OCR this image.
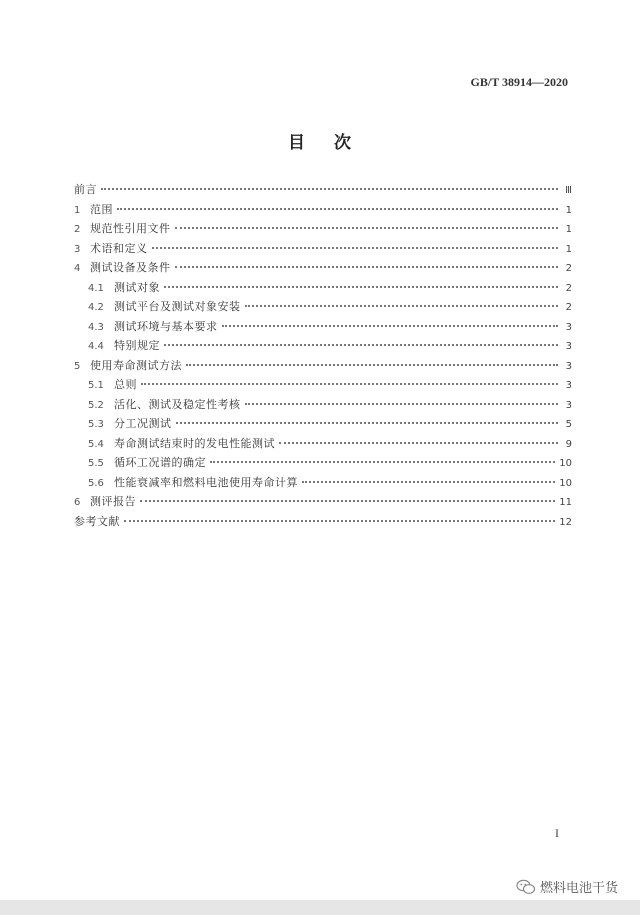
GB/T 38914—2020
目 次
前言	Ⅲ
1 范围	1
2 规范性引用文件	1
3 术语和定义	1
4 测试设备及条件	2
4.1 测试对象	2
4.2 测试平台及测试对象安装	2
4.3 测试环境与基本要求	3
4.4 特别规定	3
5 使用寿命测试方法	3
5.1 总则	3
5.2 活化、测试及稳定性考核	3
5.3 分工况测试	5
5.4 寿命测试结束时的发电性能测试	9
5.5 循环工况谱的确定	10
5.6 性能衰减率和燃料电池使用寿命计算	10
6 测评报告	11
参考文献	12
I
燃料电池干货
